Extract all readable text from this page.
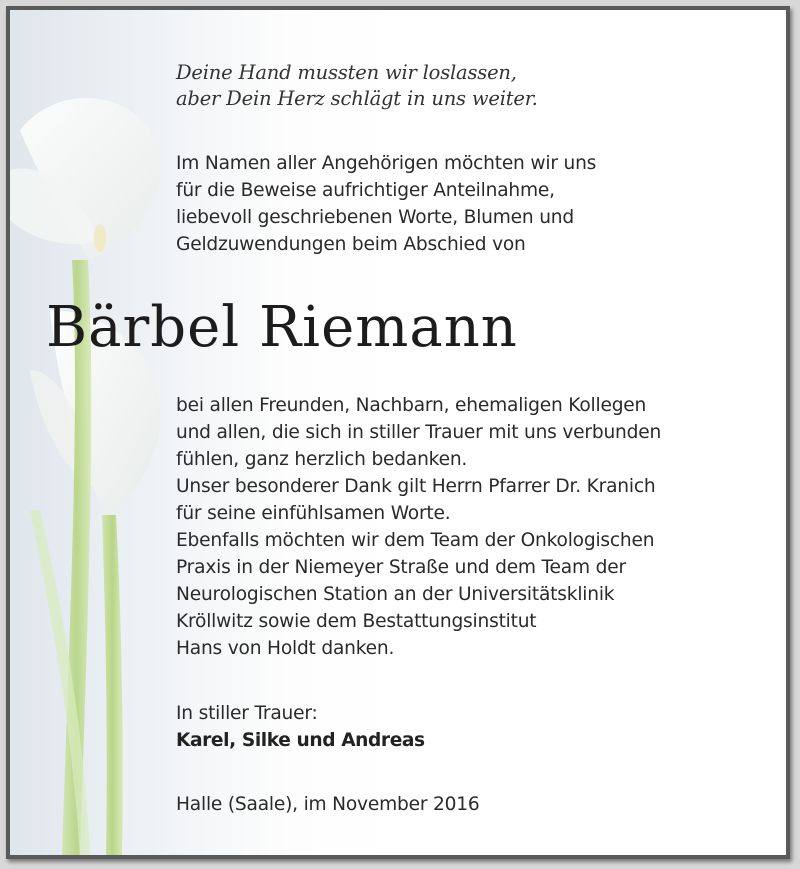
Deine Hand mussten wir loslassen,
aber Dein Herz schlägt in uns weiter.
Im Namen aller Angehörigen möchten wir uns
für die Beweise aufrichtiger Anteilnahme,
liebevoll geschriebenen Worte, Blumen und
Geldzuwendungen beim Abschied von
Bärbel Riemann
bei allen Freunden, Nachbarn, ehemaligen Kollegen
und allen, die sich in stiller Trauer mit uns verbunden
fühlen, ganz herzlich bedanken.
Unser besonderer Dank gilt Herrn Pfarrer Dr. Kranich
für seine einfühlsamen Worte.
Ebenfalls möchten wir dem Team der Onkologischen
Praxis in der Niemeyer Straße und dem Team der
Neurologischen Station an der Universitätsklinik
Kröllwitz sowie dem Bestattungsinstitut
Hans von Holdt danken.
In stiller Trauer:
Karel, Silke und Andreas
Halle (Saale), im November 2016
